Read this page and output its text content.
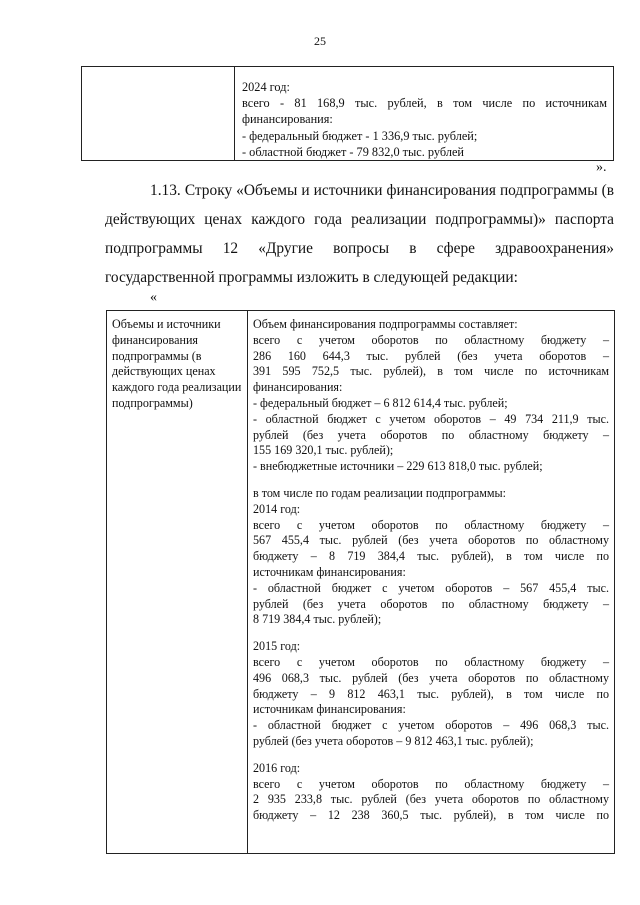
25

2024 год:
всего - 81 168,9 тыс. рублей, в том числе по источникам
финансирования:
- федеральный бюджет - 1 336,9 тыс. рублей;
- областной бюджет - 79 832,0 тыс. рублей
».
1.13. Строку «Объемы и источники финансирования подпрограммы (в
действующих ценах каждого года реализации подпрограммы)» паспорта
подпрограммы 12 «Другие вопросы в сфере здравоохранения»
государственной программы изложить в следующей редакции:
«
Объемы и источники финансирования подпрограммы (в действующих ценах каждого года реализации подпрограммы)

Объем финансирования подпрограммы составляет:
всего с учетом оборотов по областному бюджету –
286 160 644,3 тыс. рублей (без учета оборотов –
391 595 752,5 тыс. рублей), в том числе по источникам
финансирования:
- федеральный бюджет – 6 812 614,4 тыс. рублей;
- областной бюджет с учетом оборотов – 49 734 211,9 тыс.
рублей (без учета оборотов по областному бюджету –
155 169 320,1 тыс. рублей);
- внебюджетные источники – 229 613 818,0 тыс. рублей;
в том числе по годам реализации подпрограммы:
2014 год:
всего с учетом оборотов по областному бюджету –
567 455,4 тыс. рублей (без учета оборотов по областному
бюджету – 8 719 384,4 тыс. рублей), в том числе по
источникам финансирования:
- областной бюджет с учетом оборотов – 567 455,4 тыс.
рублей (без учета оборотов по областному бюджету –
8 719 384,4 тыс. рублей);
2015 год:
всего с учетом оборотов по областному бюджету –
496 068,3 тыс. рублей (без учета оборотов по областному
бюджету – 9 812 463,1 тыс. рублей), в том числе по
источникам финансирования:
- областной бюджет с учетом оборотов – 496 068,3 тыс.
рублей (без учета оборотов – 9 812 463,1 тыс. рублей);
2016 год:
всего с учетом оборотов по областному бюджету –
2 935 233,8 тыс. рублей (без учета оборотов по областному
бюджету – 12 238 360,5 тыс. рублей), в том числе по
